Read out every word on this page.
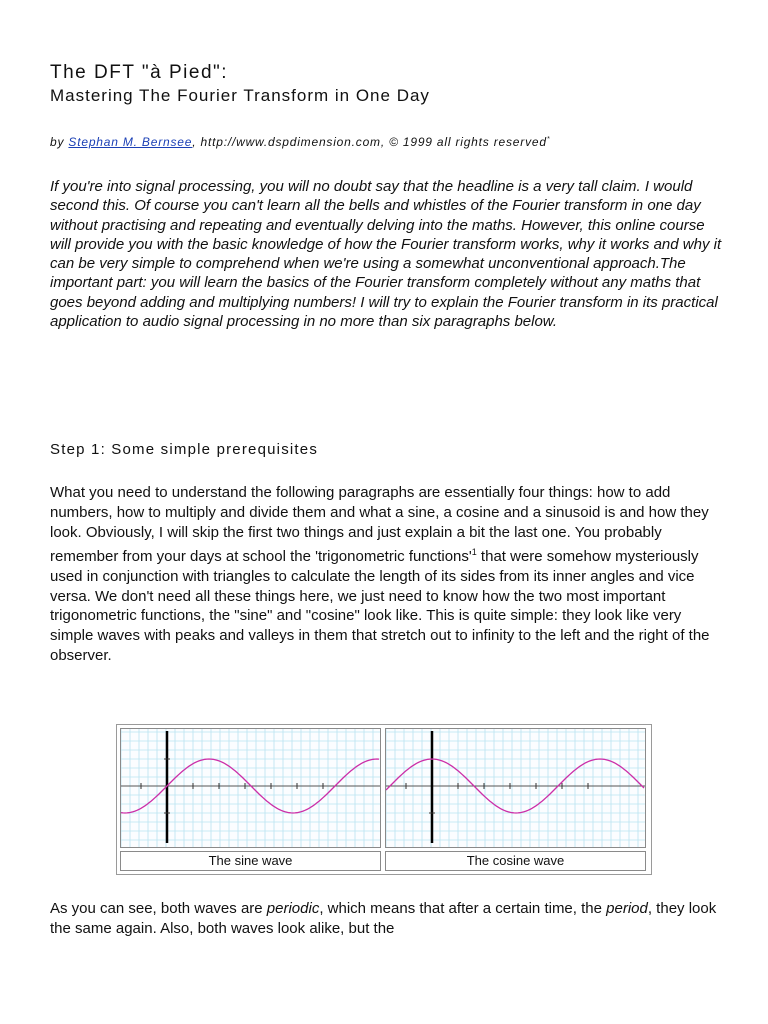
The DFT "à Pied":
Mastering The Fourier Transform in One Day
by Stephan M. Bernsee, http://www.dspdimension.com, © 1999 all rights reserved*

If you're into signal processing, you will no doubt say that the headline is a very tall claim. I would second this. Of course you can't learn all the bells and whistles of the Fourier transform in one day without practising and repeating and eventually delving into the maths. However, this online course will provide you with the basic knowledge of how the Fourier transform works, why it works and why it can be very simple to comprehend when we're using a somewhat unconventional approach.The important part: you will learn the basics of the Fourier transform completely without any maths that goes beyond adding and multiplying numbers! I will try to explain the Fourier transform in its practical application to audio signal processing in no more than six paragraphs below.

Step 1: Some simple prerequisites

What you need to understand the following paragraphs are essentially four things: how to add numbers, how to multiply and divide them and what a sine, a cosine and a sinusoid is and how they look. Obviously, I will skip the first two things and just explain a bit the last one. You probably remember from your days at school the 'trigonometric $functions'^1$ that were somehow mysteriously used in conjunction with triangles to calculate the length of its sides from its inner angles and vice versa. We don't need all these things here, we just need to know how the two most important trigonometric functions, the "sine" and "cosine" look like. This is quite simple: they look like very simple waves with peaks and valleys in them that stretch out to infinity to the left and the right of the observer.

The sine wave	The cosine wave

As you can see, both waves are periodic, which means that after a certain time, the period, they look the same again. Also, both waves look alike, but the
